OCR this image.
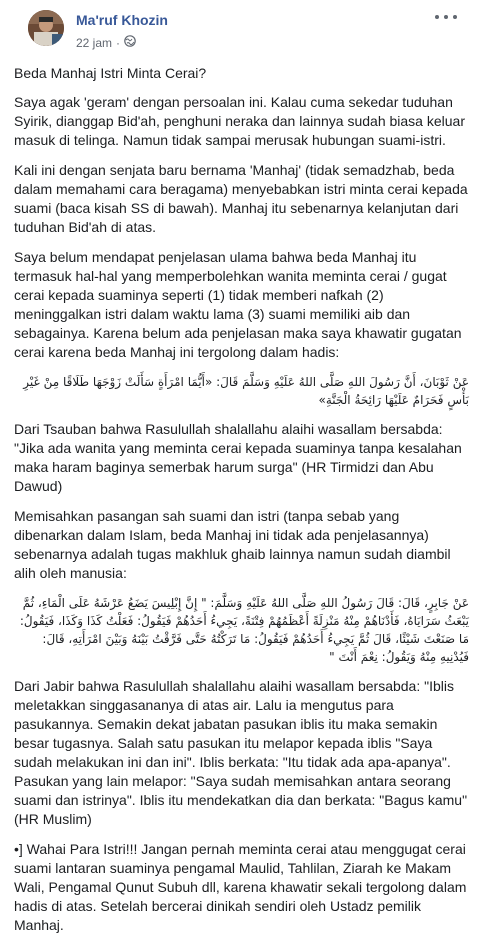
Ma'ruf Khozin
22 jam ·

Beda Manhaj Istri Minta Cerai?

Saya agak 'geram' dengan persoalan ini. Kalau cuma sekedar tuduhan Syirik, dianggap Bid'ah, penghuni neraka dan lainnya sudah biasa keluar masuk di telinga. Namun tidak sampai merusak hubungan suami-istri.

Kali ini dengan senjata baru bernama 'Manhaj' (tidak semadzhab, beda dalam memahami cara beragama) menyebabkan istri minta cerai kepada suami (baca kisah SS di bawah). Manhaj itu sebenarnya kelanjutan dari tuduhan Bid'ah di atas.

Saya belum mendapat penjelasan ulama bahwa beda Manhaj itu termasuk hal-hal yang memperbolehkan wanita meminta cerai / gugat cerai kepada suaminya seperti (1) tidak memberi nafkah (2) meninggalkan istri dalam waktu lama (3) suami memiliki aib dan sebagainya. Karena belum ada penjelasan maka saya khawatir gugatan cerai karena beda Manhaj ini tergolong dalam hadis:

عَنْ ثَوْبَانَ، أَنَّ رَسُولَ اللهِ صَلَّى اللهُ عَلَيْهِ وَسَلَّمَ قَالَ: «أَيُّمَا امْرَأَةٍ سَأَلَتْ زَوْجَهَا طَلَاقًا مِنْ غَيْرِ بَأْسٍ فَحَرَامٌ عَلَيْهَا رَائِحَةُ الْجَنَّةِ»

Dari Tsauban bahwa Rasulullah shalallahu alaihi wasallam bersabda: "Jika ada wanita yang meminta cerai kepada suaminya tanpa kesalahan maka haram baginya semerbak harum surga" (HR Tirmidzi dan Abu Dawud)

Memisahkan pasangan sah suami dan istri (tanpa sebab yang dibenarkan dalam Islam, beda Manhaj ini tidak ada penjelasannya) sebenarnya adalah tugas makhluk ghaib lainnya namun sudah diambil alih oleh manusia:

عَنْ جَابِرٍ، قَالَ: قَالَ رَسُولُ اللهِ صَلَّى اللهُ عَلَيْهِ وَسَلَّمَ: " إِنَّ إِبْلِيسَ يَضَعُ عَرْشَهُ عَلَى الْمَاءِ، ثُمَّ يَبْعَثُ سَرَايَاهُ، فَأَدْنَاهُمْ مِنْهُ مَنْزِلَةً أَعْظَمُهُمْ فِتْنَةً، يَجِيءُ أَحَدُهُمْ فَيَقُولُ: فَعَلْتُ كَذَا وَكَذَا، فَيَقُولُ: مَا صَنَعْتَ شَيْئًا، قَالَ ثُمَّ يَجِيءُ أَحَدُهُمْ فَيَقُولُ: مَا تَرَكْتُهُ حَتَّى فَرَّقْتُ بَيْنَهُ وَبَيْنَ امْرَأَتِهِ، قَالَ: فَيُدْنِيهِ مِنْهُ وَيَقُولُ: نِعْمَ أَنْتَ "

Dari Jabir bahwa Rasulullah shalallahu alaihi wasallam bersabda: "Iblis meletakkan singgasananya di atas air. Lalu ia mengutus para pasukannya. Semakin dekat jabatan pasukan iblis itu maka semakin besar tugasnya. Salah satu pasukan itu melapor kepada iblis "Saya sudah melakukan ini dan ini". Iblis berkata: "Itu tidak ada apa-apanya". Pasukan yang lain melapor: "Saya sudah memisahkan antara seorang suami dan istrinya". Iblis itu mendekatkan dia dan berkata: "Bagus kamu" (HR Muslim)

•] Wahai Para Istri!!! Jangan pernah meminta cerai atau menggugat cerai suami lantaran suaminya pengamal Maulid, Tahlilan, Ziarah ke Makam Wali, Pengamal Qunut Subuh dll, karena khawatir sekali tergolong dalam hadis di atas. Setelah bercerai dinikah sendiri oleh Ustadz pemilik Manhaj.
